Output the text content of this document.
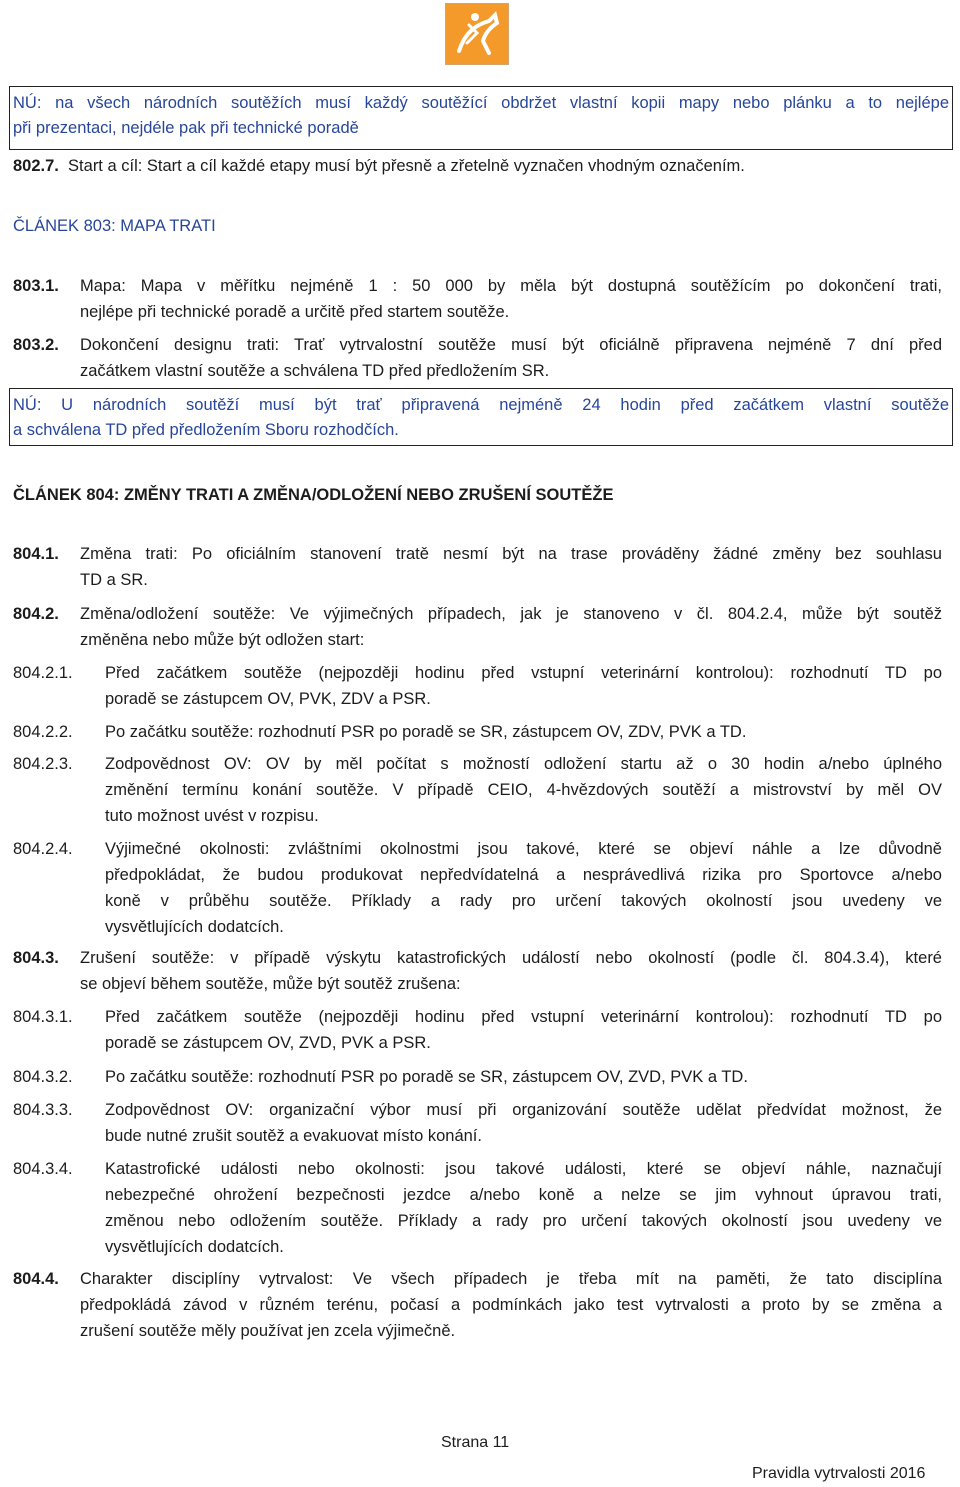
NÚ: na všech národních soutěžích musí každý soutěžící obdržet vlastní kopii mapy nebo plánku a to nejlépe
při prezentaci, nejdéle pak při technické poradě
802.7. Start a cíl: Start a cíl každé etapy musí být přesně a zřetelně vyznačen vhodným označením.
ČLÁNEK 803: MAPA TRATI
803.1. Mapa: Mapa v měřítku nejméně 1 : 50 000 by měla být dostupná soutěžícím po dokončení trati,
nejlépe při technické poradě a určitě před startem soutěže.
803.2. Dokončení designu trati: Trať vytrvalostní soutěže musí být oficiálně připravena nejméně 7 dní před
začátkem vlastní soutěže a schválena TD před předložením SR.
NÚ: U národních soutěží musí být trať připravená nejméně 24 hodin před začátkem vlastní soutěže
a schválena TD před předložením Sboru rozhodčích.
ČLÁNEK 804: ZMĚNY TRATI A ZMĚNA/ODLOŽENÍ NEBO ZRUŠENÍ SOUTĚŽE
804.1. Změna trati: Po oficiálním stanovení tratě nesmí být na trase prováděny žádné změny bez souhlasu
TD a SR.
804.2. Změna/odložení soutěže: Ve výjimečných případech, jak je stanoveno v čl. 804.2.4, může být soutěž
změněna nebo může být odložen start:
804.2.1. Před začátkem soutěže (nejpozději hodinu před vstupní veterinární kontrolou): rozhodnutí TD po
poradě se zástupcem OV, PVK, ZDV a PSR.
804.2.2. Po začátku soutěže: rozhodnutí PSR po poradě se SR, zástupcem OV, ZDV, PVK a TD.
804.2.3. Zodpovědnost OV: OV by měl počítat s možností odložení startu až o 30 hodin a/nebo úplného
změnění termínu konání soutěže. V případě CEIO, 4-hvězdových soutěží a mistrovství by měl OV
tuto možnost uvést v rozpisu.
804.2.4. Výjimečné okolnosti: zvláštními okolnostmi jsou takové, které se objeví náhle a lze důvodně
předpokládat, že budou produkovat nepředvídatelná a nesprávedlivá rizika pro Sportovce a/nebo
koně v průběhu soutěže. Příklady a rady pro určení takových okolností jsou uvedeny ve
vysvětlujících dodatcích.
804.3. Zrušení soutěže: v případě výskytu katastrofických událostí nebo okolností (podle čl. 804.3.4), které
se objeví během soutěže, může být soutěž zrušena:
804.3.1. Před začátkem soutěže (nejpozději hodinu před vstupní veterinární kontrolou): rozhodnutí TD po
poradě se zástupcem OV, ZVD, PVK a PSR.
804.3.2. Po začátku soutěže: rozhodnutí PSR po poradě se SR, zástupcem OV, ZVD, PVK a TD.
804.3.3. Zodpovědnost OV: organizační výbor musí při organizování soutěže udělat předvídat možnost, že
bude nutné zrušit soutěž a evakuovat místo konání.
804.3.4. Katastrofické události nebo okolnosti: jsou takové události, které se objeví náhle, naznačují
nebezpečné ohrožení bezpečnosti jezdce a/nebo koně a nelze se jim vyhnout úpravou trati,
změnou nebo odložením soutěže. Příklady a rady pro určení takových okolností jsou uvedeny ve
vysvětlujících dodatcích.
804.4. Charakter disciplíny vytrvalost: Ve všech případech je třeba mít na paměti, že tato disciplína
předpokládá závod v různém terénu, počasí a podmínkách jako test vytrvalosti a proto by se změna a
zrušení soutěže měly používat jen zcela výjimečně.
Strana 11
Pravidla vytrvalosti 2016
